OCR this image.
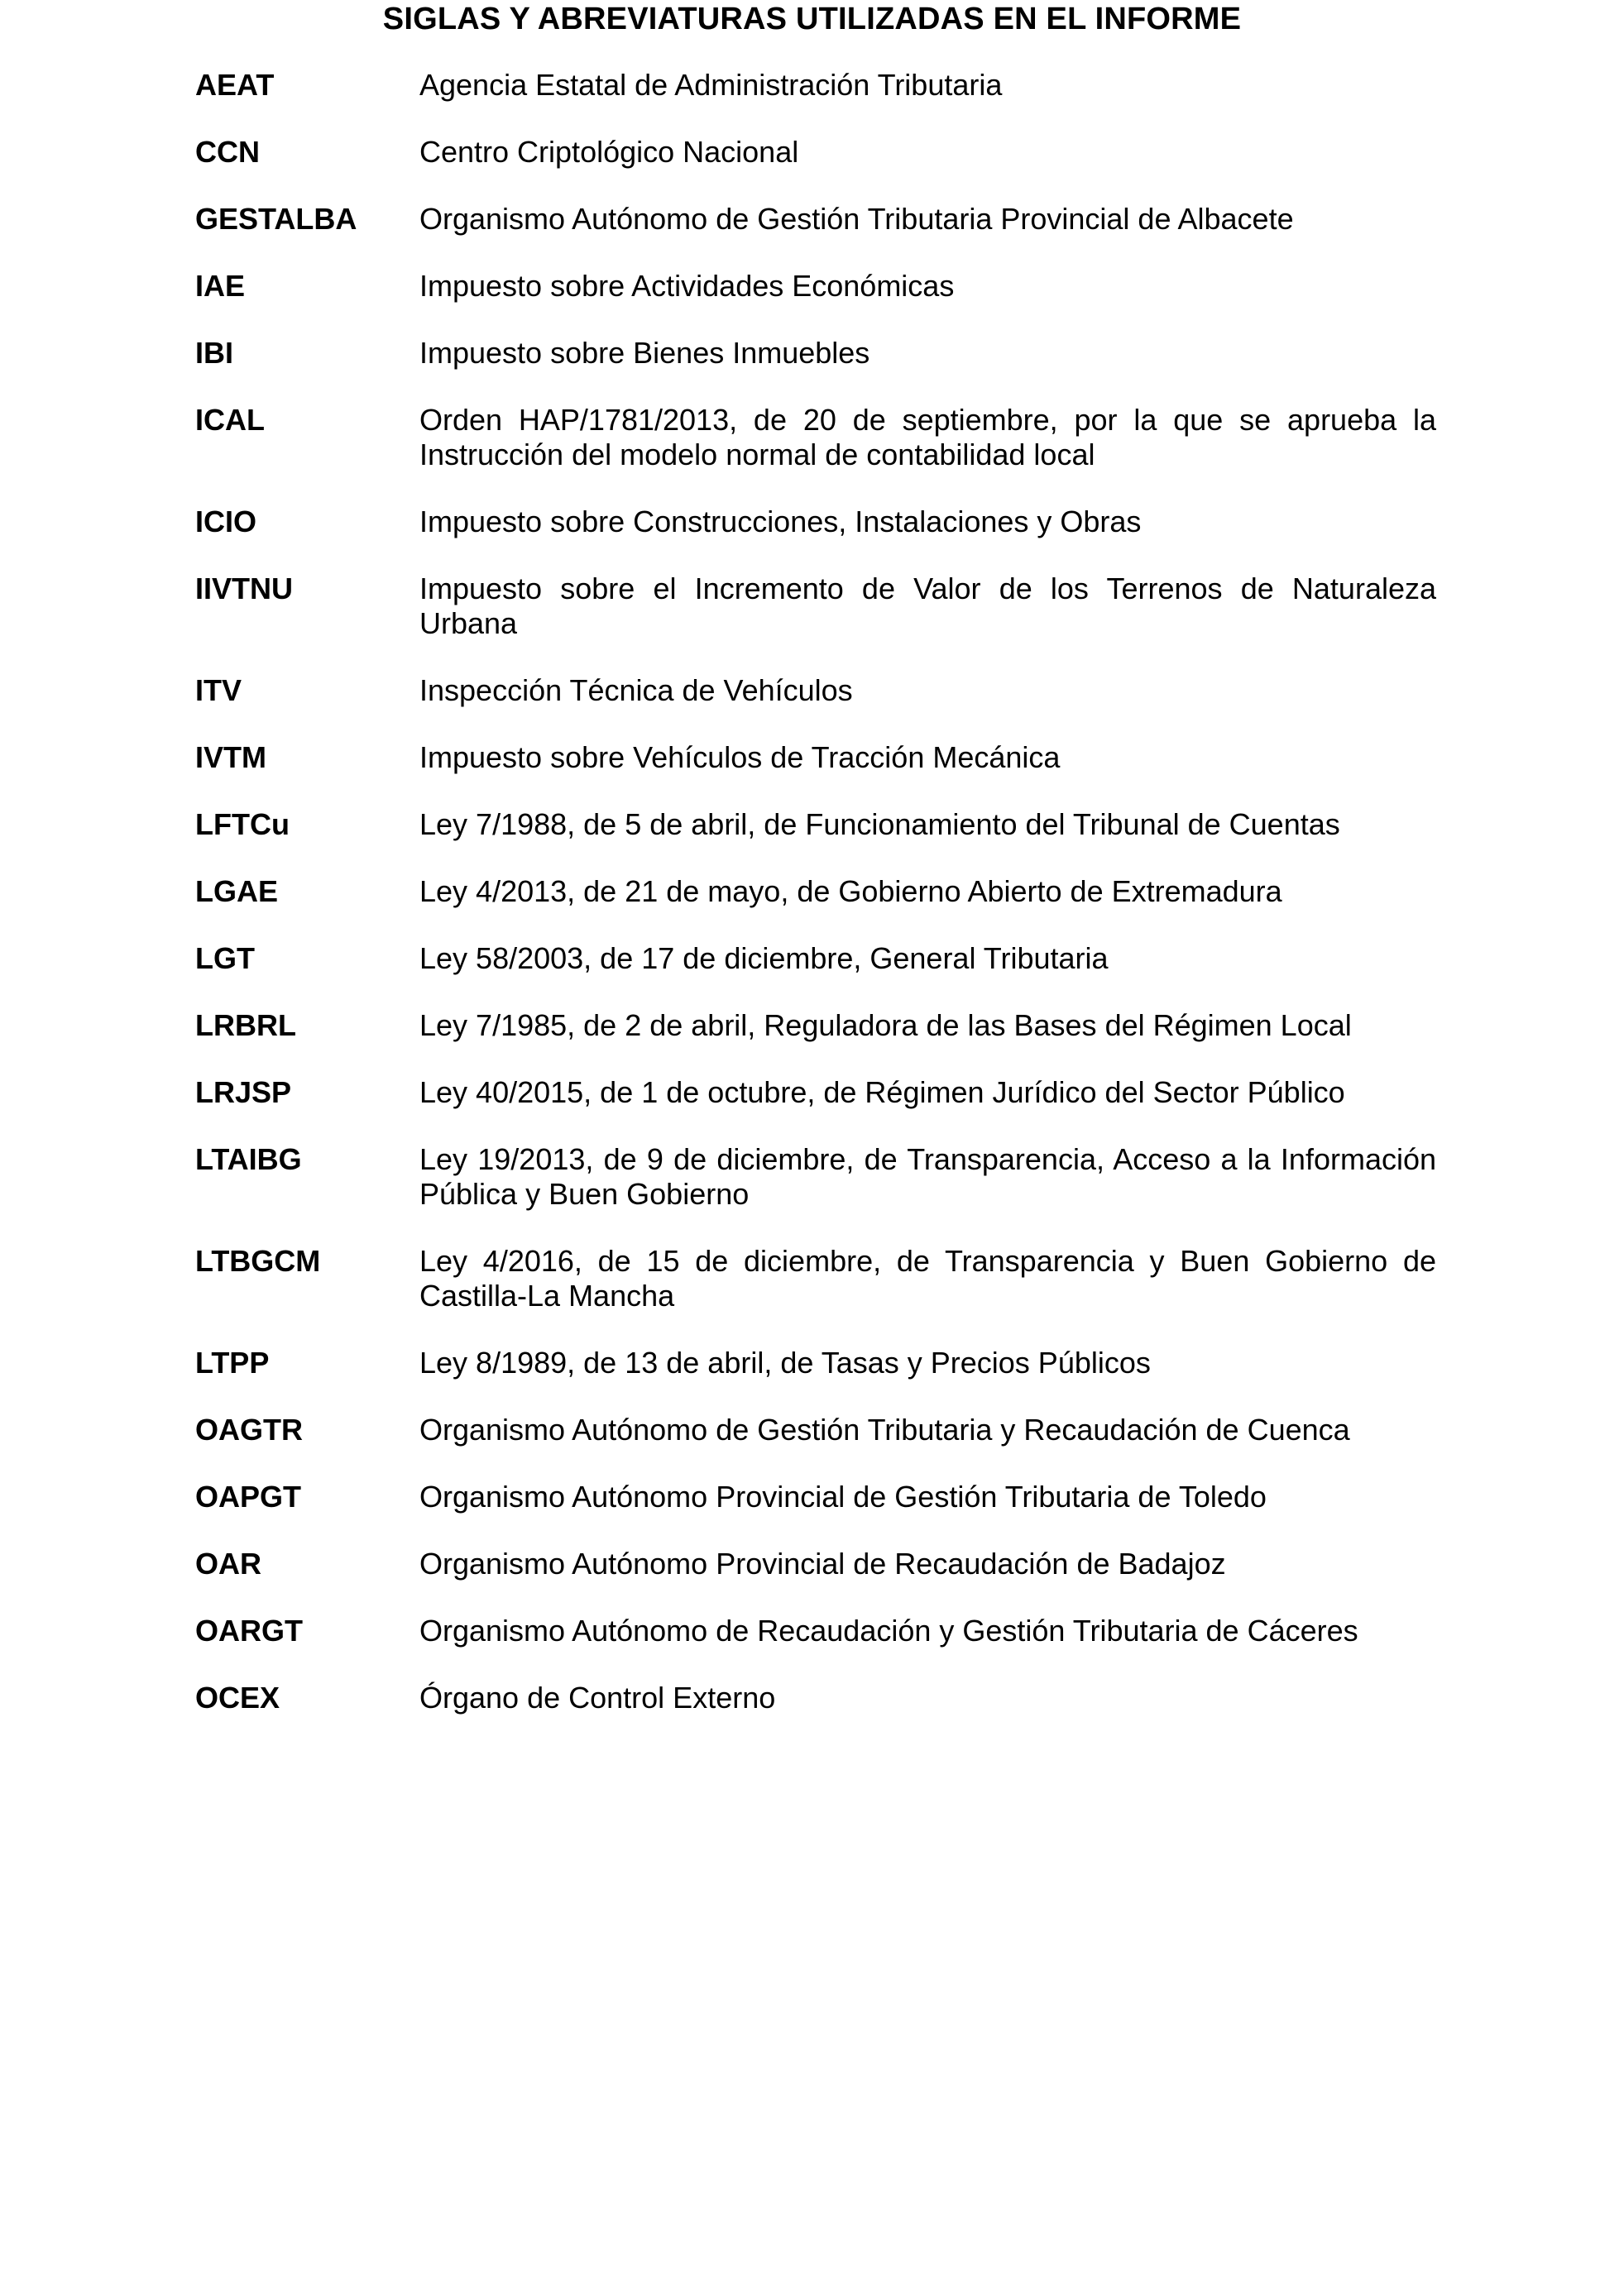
SIGLAS Y ABREVIATURAS UTILIZADAS EN EL INFORME
AEAT	Agencia Estatal de Administración Tributaria
CCN	Centro Criptológico Nacional
GESTALBA	Organismo Autónomo de Gestión Tributaria Provincial de Albacete
IAE	Impuesto sobre Actividades Económicas
IBI	Impuesto sobre Bienes Inmuebles
ICAL	Orden HAP/1781/2013, de 20 de septiembre, por la que se aprueba la Instrucción del modelo normal de contabilidad local
ICIO	Impuesto sobre Construcciones, Instalaciones y Obras
IIVTNU	Impuesto sobre el Incremento de Valor de los Terrenos de Naturaleza Urbana
ITV	Inspección Técnica de Vehículos
IVTM	Impuesto sobre Vehículos de Tracción Mecánica
LFTCu	Ley 7/1988, de 5 de abril, de Funcionamiento del Tribunal de Cuentas
LGAE	Ley 4/2013, de 21 de mayo, de Gobierno Abierto de Extremadura
LGT	Ley 58/2003, de 17 de diciembre, General Tributaria
LRBRL	Ley 7/1985, de 2 de abril, Reguladora de las Bases del Régimen Local
LRJSP	Ley 40/2015, de 1 de octubre, de Régimen Jurídico del Sector Público
LTAIBG	Ley 19/2013, de 9 de diciembre, de Transparencia, Acceso a la Información Pública y Buen Gobierno
LTBGCM	Ley 4/2016, de 15 de diciembre, de Transparencia y Buen Gobierno de Castilla-La Mancha
LTPP	Ley 8/1989, de 13 de abril, de Tasas y Precios Públicos
OAGTR	Organismo Autónomo de Gestión Tributaria y Recaudación de Cuenca
OAPGT	Organismo Autónomo Provincial de Gestión Tributaria de Toledo
OAR	Organismo Autónomo Provincial de Recaudación de Badajoz
OARGT	Organismo Autónomo de Recaudación y Gestión Tributaria de Cáceres
OCEX	Órgano de Control Externo
